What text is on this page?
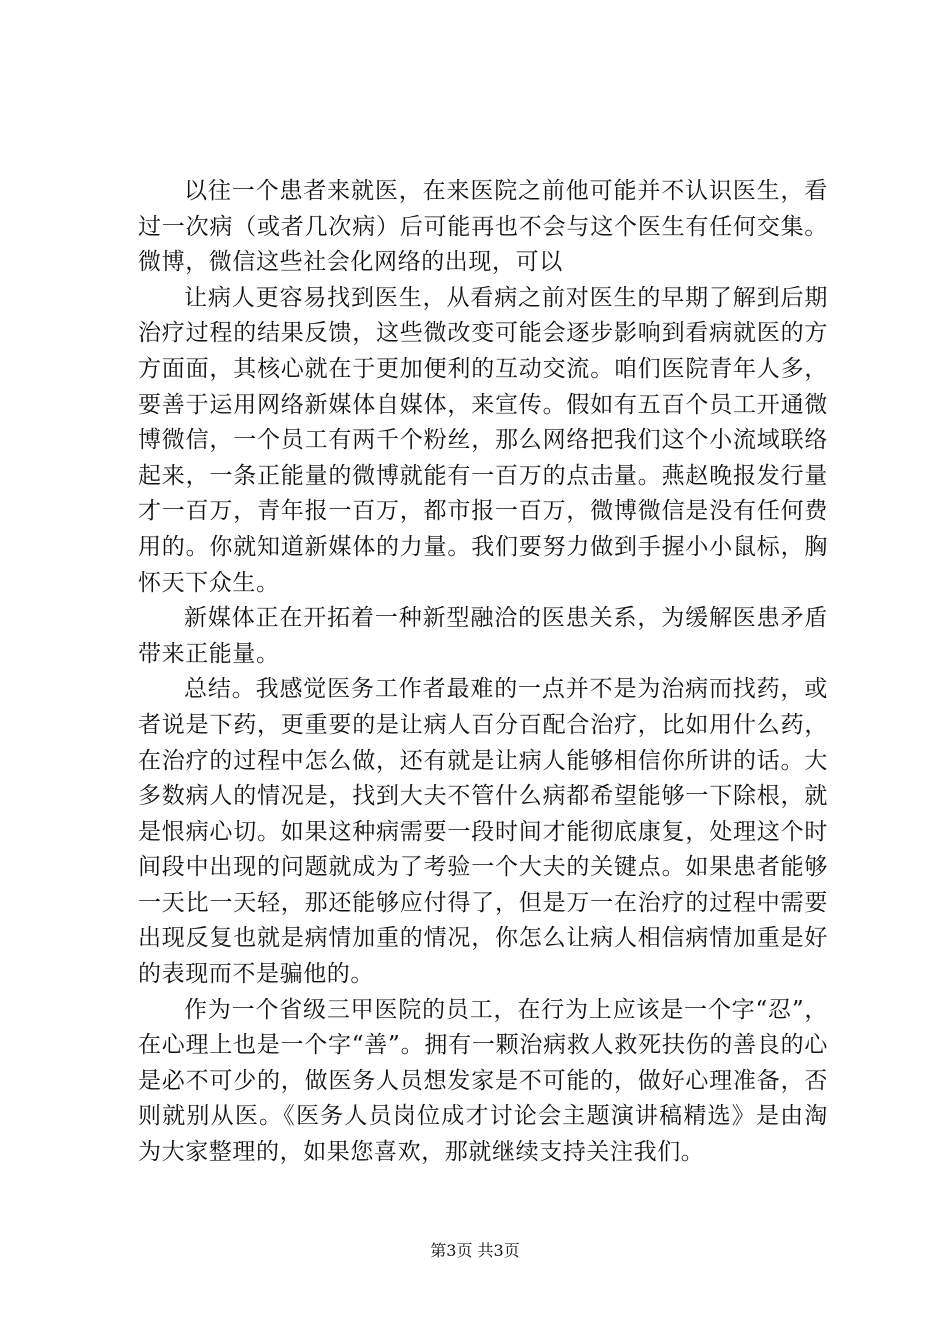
以往一个患者来就医，在来医院之前他可能并不认识医生，看过一次病（或者几次病）后可能再也不会与这个医生有任何交集。微博，微信这些社会化网络的出现，可以

让病人更容易找到医生，从看病之前对医生的早期了解到后期治疗过程的结果反馈，这些微改变可能会逐步影响到看病就医的方方面面，其核心就在于更加便利的互动交流。咱们医院青年人多，要善于运用网络新媒体自媒体，来宣传。假如有五百个员工开通微博微信，一个员工有两千个粉丝，那么网络把我们这个小流域联络起来，一条正能量的微博就能有一百万的点击量。燕赵晚报发行量才一百万，青年报一百万，都市报一百万，微博微信是没有任何费用的。你就知道新媒体的力量。我们要努力做到手握小小鼠标，胸怀天下众生。

新媒体正在开拓着一种新型融洽的医患关系，为缓解医患矛盾带来正能量。

总结。我感觉医务工作者最难的一点并不是为治病而找药，或者说是下药，更重要的是让病人百分百配合治疗，比如用什么药，在治疗的过程中怎么做，还有就是让病人能够相信你所讲的话。大多数病人的情况是，找到大夫不管什么病都希望能够一下除根，就是恨病心切。如果这种病需要一段时间才能彻底康复，处理这个时间段中出现的问题就成为了考验一个大夫的关键点。如果患者能够一天比一天轻，那还能够应付得了，但是万一在治疗的过程中需要出现反复也就是病情加重的情况，你怎么让病人相信病情加重是好的表现而不是骗他的。

作为一个省级三甲医院的员工，在行为上应该是一个字“忍”，在心理上也是一个字“善”。拥有一颗治病救人救死扶伤的善良的心是必不可少的，做医务人员想发家是不可能的，做好心理准备，否则就别从医。《医务人员岗位成才讨论会主题演讲稿精选》是由淘为大家整理的，如果您喜欢，那就继续支持关注我们。

第3页 共3页
